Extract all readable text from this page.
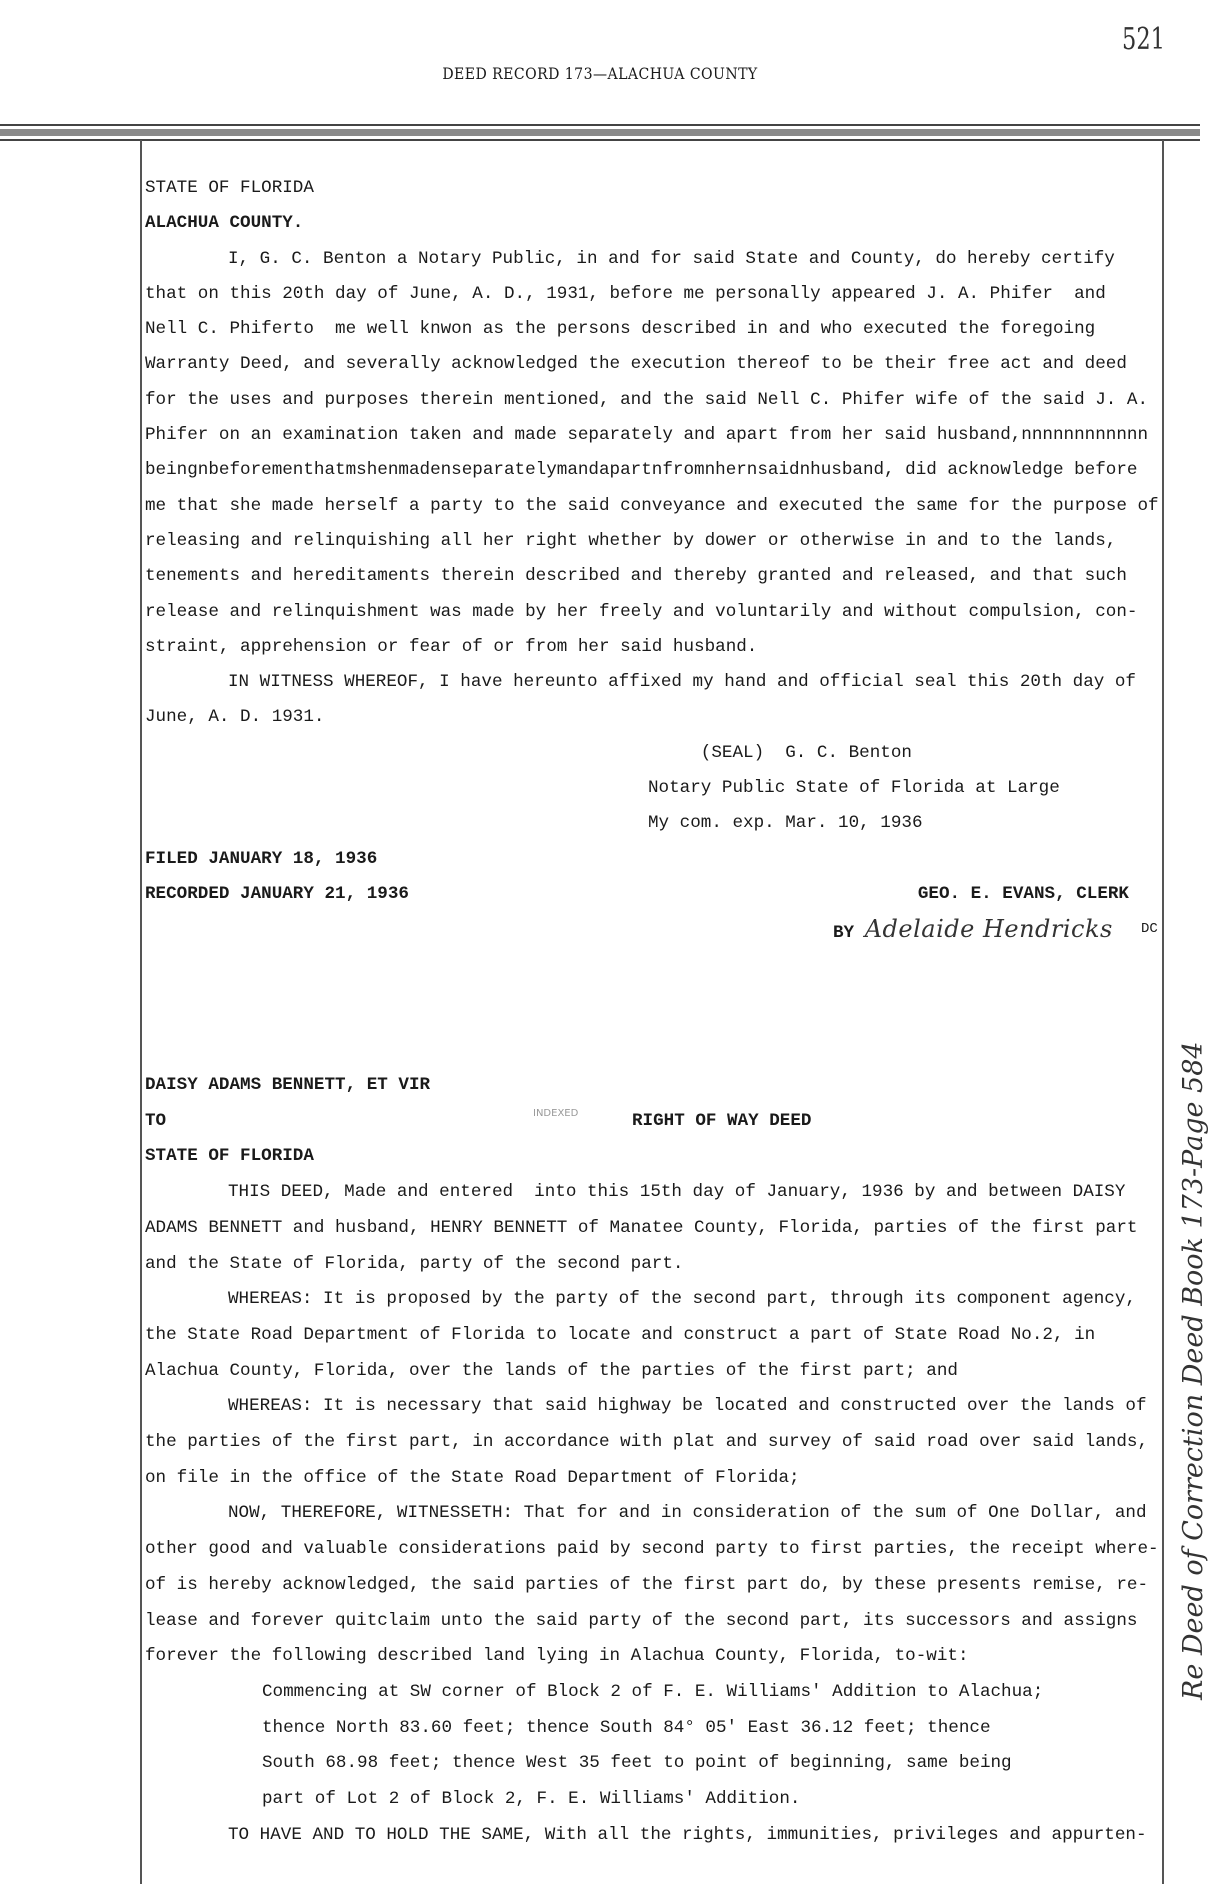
521
DEED RECORD 173—ALACHUA COUNTY
STATE OF FLORIDA
ALACHUA COUNTY.
I, G. C. Benton a Notary Public, in and for said State and County, do hereby certify
that on this 20th day of June, A. D., 1931, before me personally appeared J. A. Phifer  and
Nell C. Phiferto  me well knwon as the persons described in and who executed the foregoing
Warranty Deed, and severally acknowledged the execution thereof to be their free act and deed
for the uses and purposes therein mentioned, and the said Nell C. Phifer wife of the said J. A.
Phifer on an examination taken and made separately and apart from her said husband,nnnnnnnnnnnn
beingnbeforementhatmshenmadenseparatelymandapartnfromnhernsaidnhusband, did acknowledge before
me that she made herself a party to the said conveyance and executed the same for the purpose of
releasing and relinquishing all her right whether by dower or otherwise in and to the lands,
tenements and hereditaments therein described and thereby granted and released, and that such
release and relinquishment was made by her freely and voluntarily and without compulsion, con-
straint, apprehension or fear of or from her said husband.
IN WITNESS WHEREOF, I have hereunto affixed my hand and official seal this 20th day of
June, A. D. 1931.
(SEAL)  G. C. Benton
Notary Public State of Florida at Large
My com. exp. Mar. 10, 1936
FILED JANUARY 18, 1936
RECORDED JANUARY 21, 1936	GEO. E. EVANS, CLERK
BY Adelaide Hendricks DC
INDEXED
DAISY ADAMS BENNETT, ET VIR
TO	RIGHT OF WAY DEED
STATE OF FLORIDA
THIS DEED, Made and entered  into this 15th day of January, 1936 by and between DAISY
ADAMS BENNETT and husband, HENRY BENNETT of Manatee County, Florida, parties of the first part
and the State of Florida, party of the second part.
WHEREAS: It is proposed by the party of the second part, through its component agency,
the State Road Department of Florida to locate and construct a part of State Road No.2, in
Alachua County, Florida, over the lands of the parties of the first part; and
WHEREAS: It is necessary that said highway be located and constructed over the lands of
the parties of the first part, in accordance with plat and survey of said road over said lands,
on file in the office of the State Road Department of Florida;
NOW, THEREFORE, WITNESSETH: That for and in consideration of the sum of One Dollar, and
other good and valuable considerations paid by second party to first parties, the receipt where-
of is hereby acknowledged, the said parties of the first part do, by these presents remise, re-
lease and forever quitclaim unto the said party of the second part, its successors and assigns
forever the following described land lying in Alachua County, Florida, to-wit:
Commencing at SW corner of Block 2 of F. E. Williams' Addition to Alachua;
thence North 83.60 feet; thence South 84° 05' East 36.12 feet; thence
South 68.98 feet; thence West 35 feet to point of beginning, same being
part of Lot 2 of Block 2, F. E. Williams' Addition.
TO HAVE AND TO HOLD THE SAME, With all the rights, immunities, privileges and appurten-
Re Deed of Correction Deed Book 173-Page 584
